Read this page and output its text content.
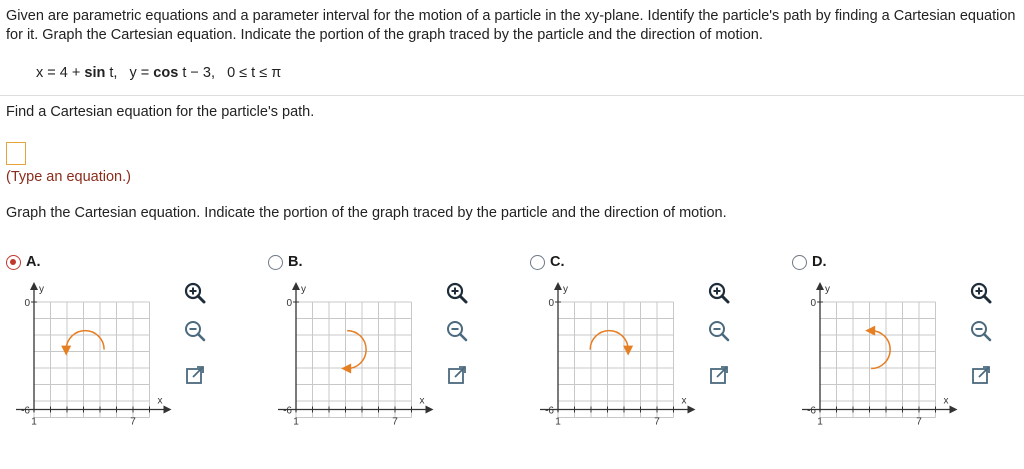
Given are parametric equations and a parameter interval for the motion of a particle in the xy-plane. Identify the particle's path by finding a Cartesian equation for it. Graph the Cartesian equation. Indicate the portion of the graph traced by the particle and the direction of motion.

x = 4 + sin t, y = cos t − 3, 0 ≤ t ≤ π
Find a Cartesian equation for the particle's path.
(Type an equation.)
Graph the Cartesian equation. Indicate the portion of the graph traced by the particle and the direction of motion.
A.
y
x
0
-6
1	7
B.
y
x
0
-6
1	7
C.
y
x
0
-6
1	7
D.
y
x
0
-6
1	7
